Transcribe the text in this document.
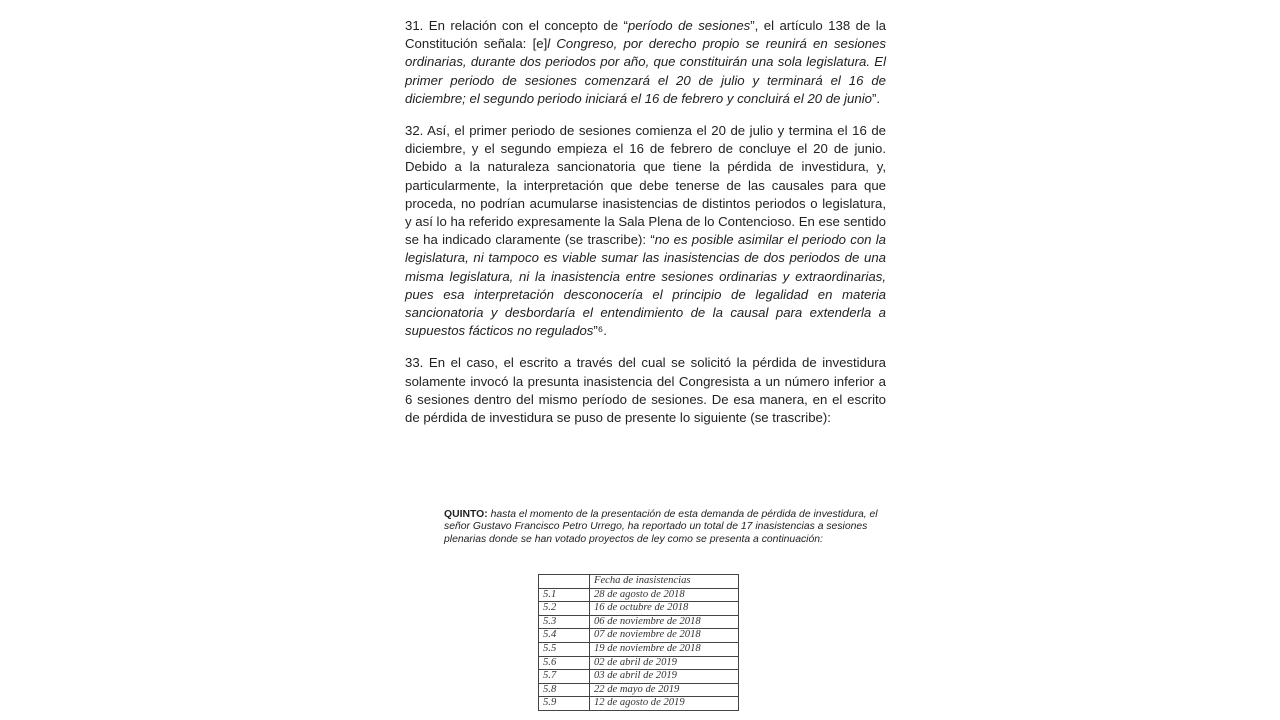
31. En relación con el concepto de “período de sesiones”, el artículo 138 de la Constitución señala: [e]l Congreso, por derecho propio se reunirá en sesiones ordinarias, durante dos periodos por año, que constituirán una sola legislatura. El primer periodo de sesiones comenzará el 20 de julio y terminará el 16 de diciembre; el segundo periodo iniciará el 16 de febrero y concluirá el 20 de junio”.

32. Así, el primer periodo de sesiones comienza el 20 de julio y termina el 16 de diciembre, y el segundo empieza el 16 de febrero de concluye el 20 de junio. Debido a la naturaleza sancionatoria que tiene la pérdida de investidura, y, particularmente, la interpretación que debe tenerse de las causales para que proceda, no podrían acumularse inasistencias de distintos periodos o legislatura, y así lo ha referido expresamente la Sala Plena de lo Contencioso. En ese sentido se ha indicado claramente (se trascribe): “no es posible asimilar el periodo con la legislatura, ni tampoco es viable sumar las inasistencias de dos periodos de una misma legislatura, ni la inasistencia entre sesiones ordinarias y extraordinarias, pues esa interpretación desconocería el principio de legalidad en materia sancionatoria y desbordaría el entendimiento de la causal para extenderla a supuestos fácticos no regulados”⁶.

33. En el caso, el escrito a través del cual se solicitó la pérdida de investidura solamente invocó la presunta inasistencia del Congresista a un número inferior a 6 sesiones dentro del mismo período de sesiones. De esa manera, en el escrito de pérdida de investidura se puso de presente lo siguiente (se trascribe):

QUINTO: hasta el momento de la presentación de esta demanda de pérdida de investidura, el señor Gustavo Francisco Petro Urrego, ha reportado un total de 17 inasistencias a sesiones plenarias donde se han votado proyectos de ley como se presenta a continuación:

	Fecha de inasistencias
5.1	28 de agosto de 2018
5.2	16 de octubre de 2018
5.3	06 de noviembre de 2018
5.4	07 de noviembre de 2018
5.5	19 de noviembre de 2018
5.6	02 de abril de 2019
5.7	03 de abril de 2019
5.8	22 de mayo de 2019
5.9	12 de agosto de 2019
